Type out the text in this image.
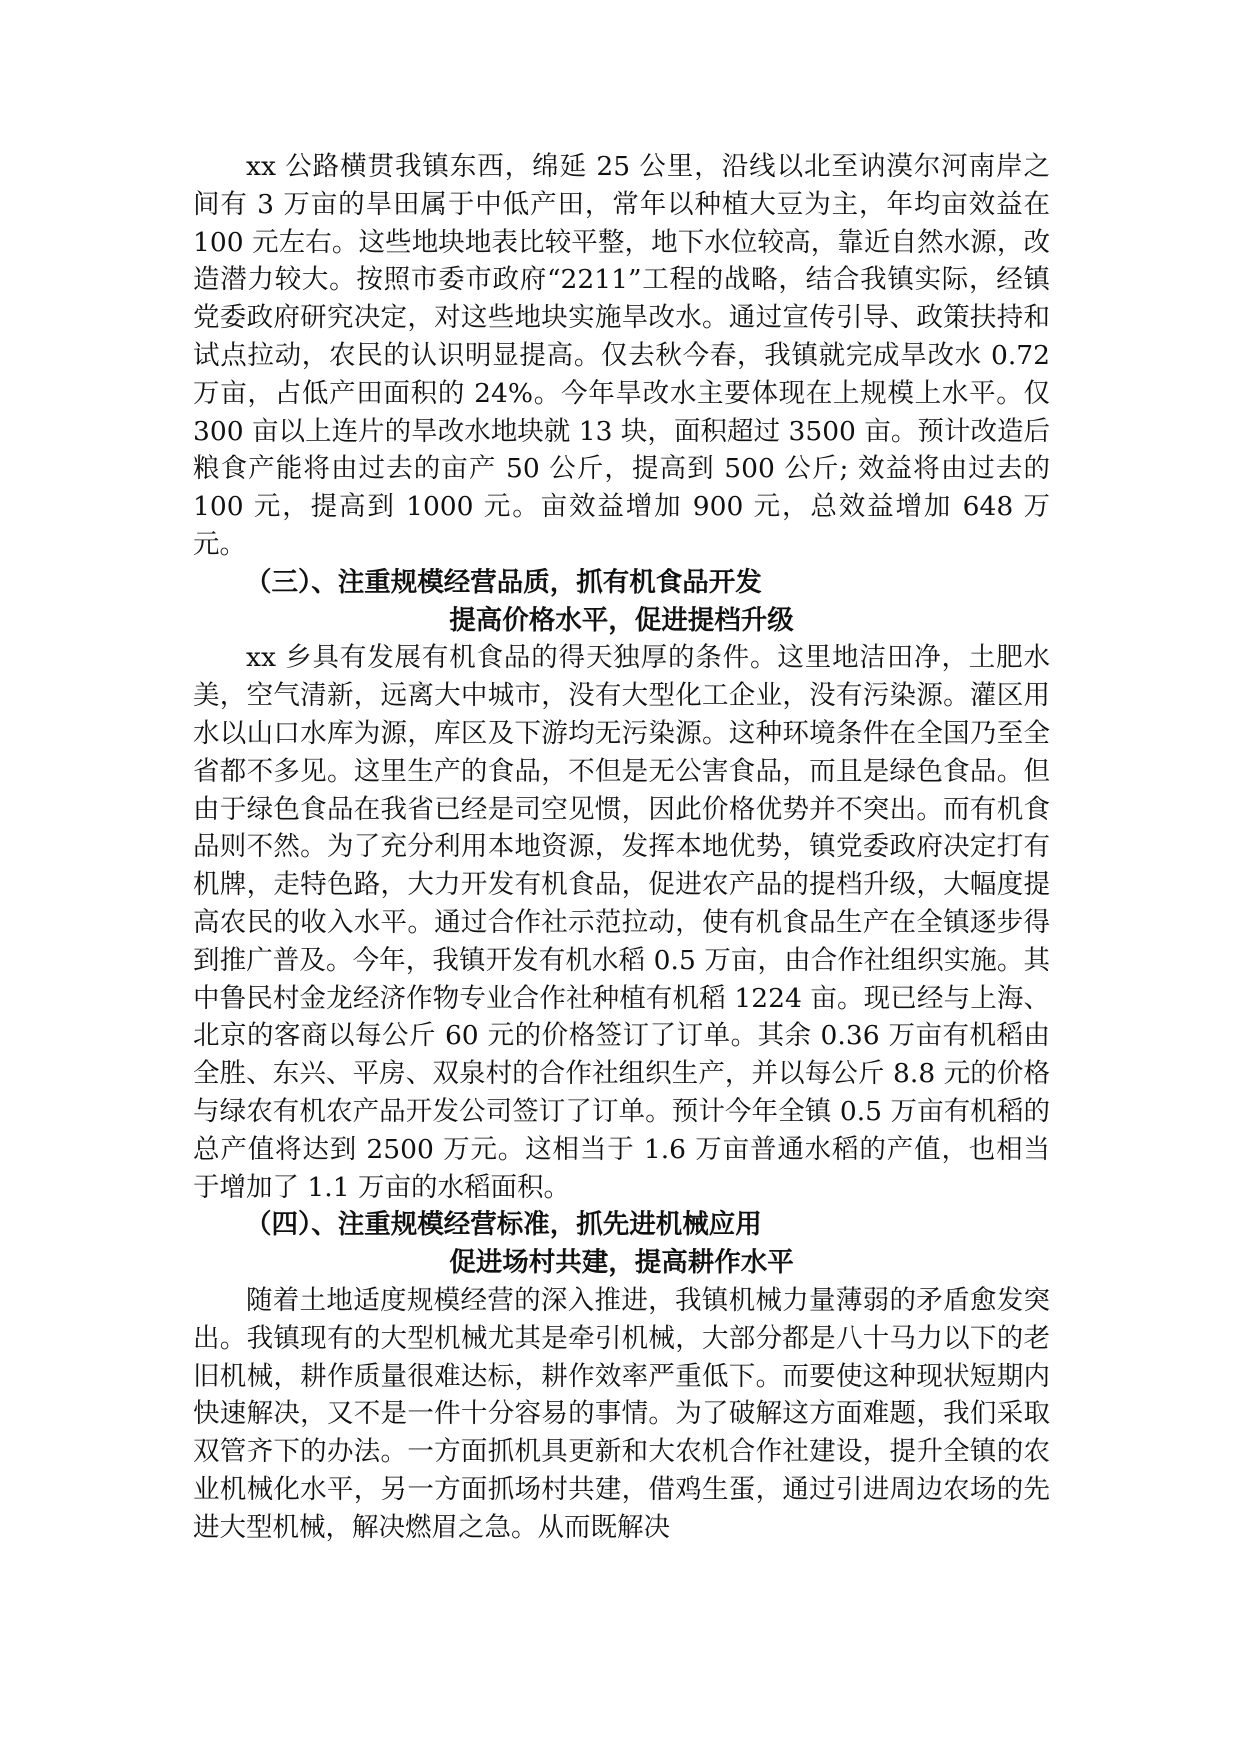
xx 公路横贯我镇东西，绵延 25 公里，沿线以北至讷漠尔河南岸之间有 3 万亩的旱田属于中低产田，常年以种植大豆为主，年均亩效益在 100 元左右。这些地块地表比较平整，地下水位较高，靠近自然水源，改造潜力较大。按照市委市政府“2211”工程的战略，结合我镇实际，经镇党委政府研究决定，对这些地块实施旱改水。通过宣传引导、政策扶持和试点拉动，农民的认识明显提高。仅去秋今春，我镇就完成旱改水 0.72 万亩，占低产田面积的 24%。今年旱改水主要体现在上规模上水平。仅 300 亩以上连片的旱改水地块就 13 块，面积超过 3500 亩。预计改造后粮食产能将由过去的亩产 50 公斤，提高到 500 公斤; 效益将由过去的 100 元，提高到 1000 元。亩效益增加 900 元，总效益增加 648 万元。

（三）、注重规模经营品质，抓有机食品开发
提高价格水平，促进提档升级

xx 乡具有发展有机食品的得天独厚的条件。这里地洁田净，土肥水美，空气清新，远离大中城市，没有大型化工企业，没有污染源。灌区用水以山口水库为源，库区及下游均无污染源。这种环境条件在全国乃至全省都不多见。这里生产的食品，不但是无公害食品，而且是绿色食品。但由于绿色食品在我省已经是司空见惯，因此价格优势并不突出。而有机食品则不然。为了充分利用本地资源，发挥本地优势，镇党委政府决定打有机牌，走特色路，大力开发有机食品，促进农产品的提档升级，大幅度提高农民的收入水平。通过合作社示范拉动，使有机食品生产在全镇逐步得到推广普及。今年，我镇开发有机水稻 0.5 万亩，由合作社组织实施。其中鲁民村金龙经济作物专业合作社种植有机稻 1224 亩。现已经与上海、北京的客商以每公斤 60 元的价格签订了订单。其余 0.36 万亩有机稻由全胜、东兴、平房、双泉村的合作社组织生产，并以每公斤 8.8 元的价格与绿农有机农产品开发公司签订了订单。预计今年全镇 0.5 万亩有机稻的总产值将达到 2500 万元。这相当于 1.6 万亩普通水稻的产值，也相当于增加了 1.1 万亩的水稻面积。

（四）、注重规模经营标准，抓先进机械应用
促进场村共建，提高耕作水平

随着土地适度规模经营的深入推进，我镇机械力量薄弱的矛盾愈发突出。我镇现有的大型机械尤其是牵引机械，大部分都是八十马力以下的老旧机械，耕作质量很难达标，耕作效率严重低下。而要使这种现状短期内快速解决，又不是一件十分容易的事情。为了破解这方面难题，我们采取双管齐下的办法。一方面抓机具更新和大农机合作社建设，提升全镇的农业机械化水平，另一方面抓场村共建，借鸡生蛋，通过引进周边农场的先进大型机械，解决燃眉之急。从而既解决
